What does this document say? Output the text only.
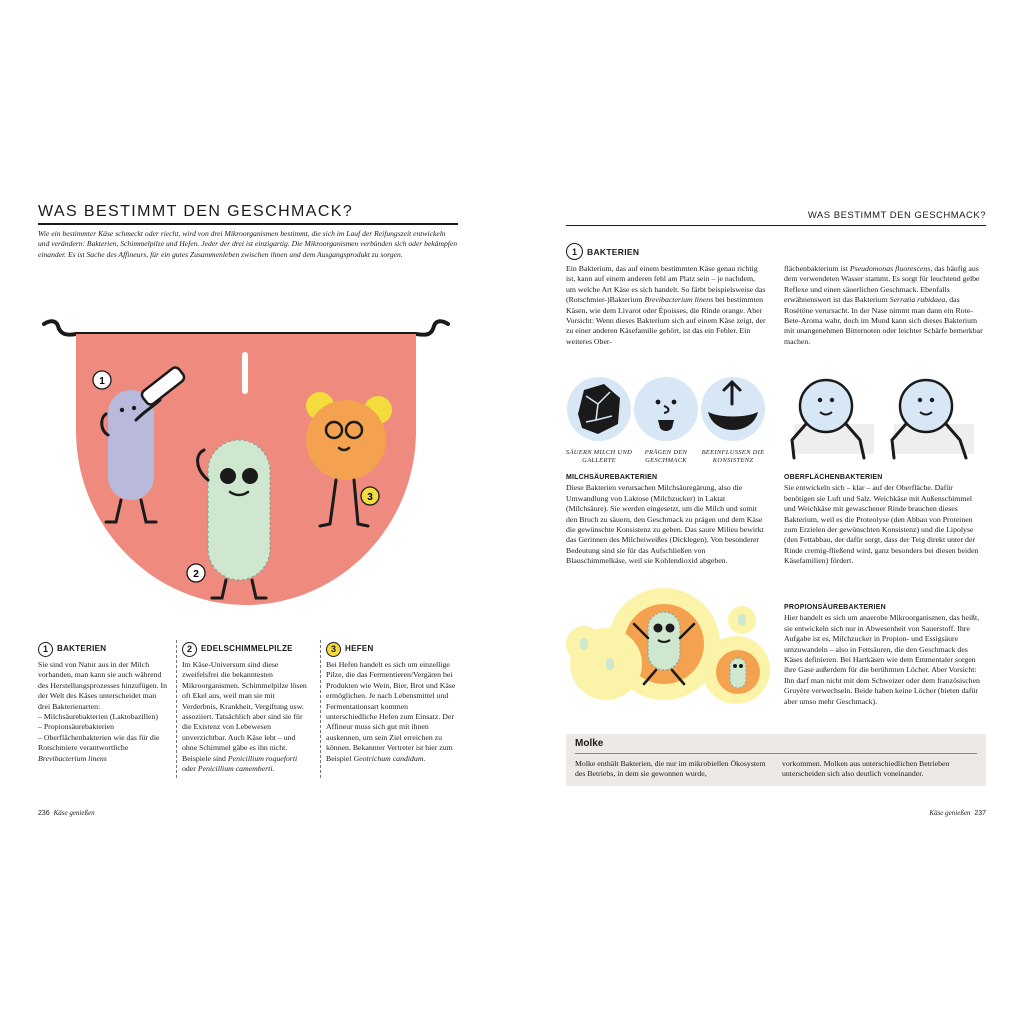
WAS BESTIMMT DEN GESCHMACK?
Wie ein bestimmter Käse schmeckt oder riecht, wird von drei Mikroorganismen bestimmt, die sich im Lauf der Reifungszeit entwickeln und verändern: Bakterien, Schimmelpilze und Hefen. Jeder der drei ist einzigartig. Die Mikroorganismen verbünden sich oder bekämpfen einander. Es ist Sache des Affineurs, für ein gutes Zusammenleben zwischen ihnen und dem Ausgangsprodukt zu sorgen.
1
2
3
1	BAKTERIEN
Sie sind von Natur aus in der Milch vorhanden, man kann sie auch während des Herstellungsprozesses hinzufügen. In der Welt des Käses unterscheidet man drei Bakterienarten:
– Milchsäurebakterien (Laktobazillen)
– Propionsäurebakterien
– Oberflächenbakterien wie das für die Rotschmiere verantwortliche Brevibacterium linens
2	EDELSCHIMMELPILZE
Im Käse-Universum sind diese zweifelsfrei die bekanntesten Mikroorganismen. Schimmelpilze lösen oft Ekel aus, weil man sie mit Verderbnis, Krankheit, Vergiftung usw. assoziiert. Tatsächlich aber sind sie für die Existenz von Lebewesen unverzichtbar. Auch Käse lebt – und ohne Schimmel gäbe es ihn nicht. Beispiele sind Penicillium roqueforti oder Penicillium camemberti.
3	HEFEN
Bei Hefen handelt es sich um einzellige Pilze, die das Fermentieren/Vergären bei Produkten wie Wein, Bier, Brot und Käse ermöglichen. Je nach Lebensmittel und Fermentationsart kommen unterschiedliche Hefen zum Einsatz. Der Affineur muss sich gut mit ihnen auskennen, um sein Ziel erreichen zu können. Bekannter Vertreter ist hier zum Beispiel Geotrichum candidum.
236 Käse genießen
WAS BESTIMMT DEN GESCHMACK?
1	BAKTERIEN
Ein Bakterium, das auf einem bestimmten Käse genau richtig ist, kann auf einem anderen fehl am Platz sein – je nachdem, um welche Art Käse es sich handelt. So färbt beispielsweise das (Rotschmier-)Bakterium Brevibacterium linens bei bestimmten Käsen, wie dem Livarot oder Époisses, die Rinde orange. Aber Vorsicht: Wenn dieses Bakterium sich auf einem Käse zeigt, der zu einer anderen Käsefamilie gehört, ist das ein Fehler. Ein weiteres Ober-
flächenbakterium ist Pseudomonas fluorescens, das häufig aus dem verwendeten Wasser stammt. Es sorgt für leuchtend gelbe Reflexe und einen säuerlichen Geschmack. Ebenfalls erwähnenswert ist das Bakterium Serratia rubidaea, das Rosétöne verursacht. In der Nase nimmt man dann ein Rote-Bete-Aroma wahr, doch im Mund kann sich dieses Bakterium mit unangenehmen Bitternoten oder leichter Schärfe bemerkbar machen.
SÄUERN MILCH UND GALLERTE
PRÄGEN DEN GESCHMACK
BEEINFLUSSEN DIE KONSISTENZ
MILCHSÄUREBAKTERIEN
Diese Bakterien verursachen Milchsäuregärung, also die Umwandlung von Laktose (Milchzucker) in Laktat (Milchsäure). Sie werden eingesetzt, um die Milch und somit den Bruch zu säuern, den Geschmack zu prägen und dem Käse die gewünschte Konsistenz zu geben. Das saure Milieu bewirkt das Gerinnen des Milcheiweißes (Dicklegen). Von besonderer Bedeutung sind sie für das Aufschließen von Blauschimmelkäse, weil sie Kohlendioxid abgeben.
OBERFLÄCHENBAKTERIEN
Sie entwickeln sich – klar – auf der Oberfläche. Dafür benötigen sie Luft und Salz. Weichkäse mit Außenschimmel und Weichkäse mit gewaschener Rinde brauchen dieses Bakterium, weil es die Proteolyse (den Abbau von Proteinen zum Erzielen der gewünschten Konsistenz) und die Lipolyse (den Fettabbau, der dafür sorgt, dass der Teig direkt unter der Rinde cremig-fließend wird, ganz besonders bei diesen beiden Käsefamilien) fördert.
PROPIONSÄUREBAKTERIEN
Hier handelt es sich um anaerobe Mikroorganismen, das heißt, sie entwickeln sich nur in Abwesenheit von Sauerstoff. Ihre Aufgabe ist es, Milchzucker in Propion- und Essigsäure umzuwandeln – also in Fettsäuren, die den Geschmack des Käses definieren. Bei Hartkäsen wie dem Emmentaler sorgen ihre Gase außerdem für die berühmten Löcher. Aber Vorsicht: Ihn darf man nicht mit dem Schweizer oder dem französischen Gruyère verwechseln. Beide haben keine Löcher (bieten dafür aber umso mehr Geschmack).
Molke
Molke enthält Bakterien, die nur im mikrobiellen Ökosystem des Betriebs, in dem sie gewonnen wurde,
vorkommen. Molken aus unterschiedlichen Betrieben unterscheiden sich also deutlich voneinander.
Käse genießen 237
